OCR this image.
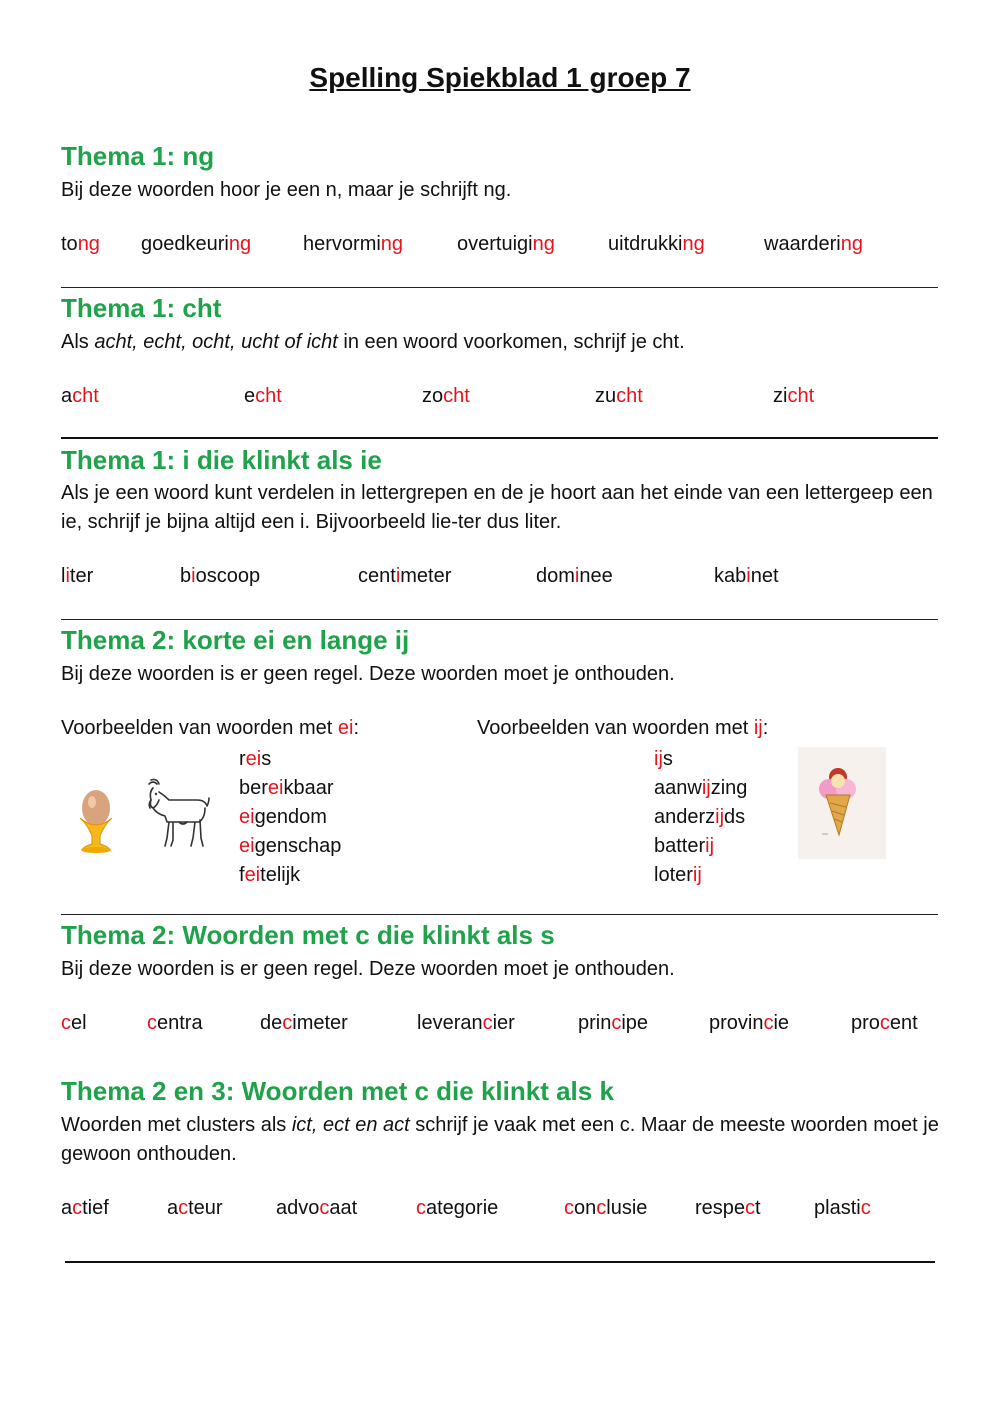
Spelling Spiekblad 1 groep 7
Thema 1: ng
Bij deze woorden hoor je een n, maar je schrijft ng.
tong goedkeuring	hervorming	overtuiging	uitdrukking	waardering
Thema 1: cht
Als acht, echt, ocht, ucht of icht in een woord voorkomen, schrijf je cht.
acht	echt	zocht	zucht	zicht
Thema 1: i die klinkt als ie
Als je een woord kunt verdelen in lettergrepen en de je hoort aan het einde van een lettergeep een ie, schrijf je bijna altijd een i. Bijvoorbeeld lie-ter dus liter.
liter	bioscoop	centimeter	dominee	kabinet
Thema 2: korte ei en lange ij
Bij deze woorden is er geen regel. Deze woorden moet je onthouden.
Voorbeelden van woorden met ei:	Voorbeelden van woorden met ij:
reis
bereikbaar
eigendom
eigenschap
feitelijk
ijs
aanwijzing
anderzijds
batterij
loterij
Thema 2: Woorden met c die klinkt als s
Bij deze woorden is er geen regel. Deze woorden moet je onthouden.
cel	centra	decimeter	leverancier	principe	provincie	procent
Thema 2 en 3: Woorden met c die klinkt als k
Woorden met clusters als ict, ect en act schrijf je vaak met een c. Maar de meeste woorden moet je gewoon onthouden.
actief	acteur	advocaat	categorie	conclusie respect	plastic
